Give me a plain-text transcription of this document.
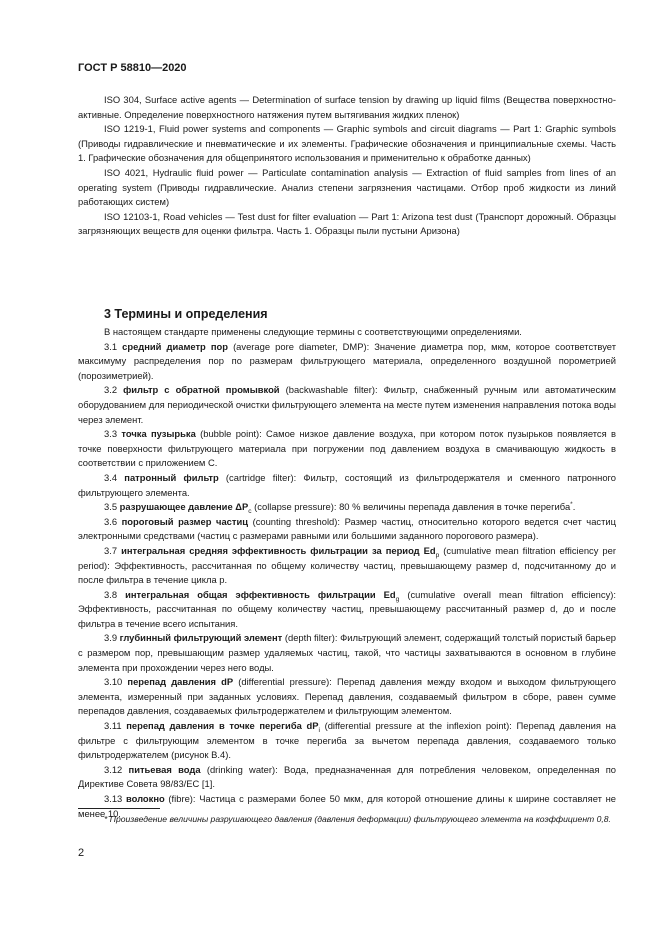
ГОСТ Р 58810—2020

ISO 304, Surface active agents — Determination of surface tension by drawing up liquid films (Вещества поверхностно-активные. Определение поверхностного натяжения путем вытягивания жидких пленок)

ISO 1219-1, Fluid power systems and components — Graphic symbols and circuit diagrams — Part 1: Graphic symbols (Приводы гидравлические и пневматические и их элементы. Графические обозначения и принципиальные схемы. Часть 1. Графические обозначения для общепринятого использования и применительно к обработке данных)

ISO 4021, Hydraulic fluid power — Particulate contamination analysis — Extraction of fluid samples from lines of an operating system (Приводы гидравлические. Анализ степени загрязнения частицами. Отбор проб жидкости из линий работающих систем)

ISO 12103-1, Road vehicles — Test dust for filter evaluation — Part 1: Arizona test dust (Транспорт дорожный. Образцы загрязняющих веществ для оценки фильтра. Часть 1. Образцы пыли пустыни Аризона)

3 Термины и определения

В настоящем стандарте применены следующие термины с соответствующими определениями.

3.1 средний диаметр пор (average pore diameter, DMP): Значение диаметра пор, мкм, которое соответствует максимуму распределения пор по размерам фильтрующего материала, определенного воздушной порометрией (порозиметрией).

3.2 фильтр с обратной промывкой (backwashable filter): Фильтр, снабженный ручным или автоматическим оборудованием для периодической очистки фильтрующего элемента на месте путем изменения направления потока воды через элемент.

3.3 точка пузырька (bubble point): Самое низкое давление воздуха, при котором поток пузырьков появляется в точке поверхности фильтрующего материала при погружении под давлением воздуха в смачивающую жидкость в соответствии с приложением С.

3.4 патронный фильтр (cartridge filter): Фильтр, состоящий из фильтродержателя и сменного патронного фильтрующего элемента.

3.5 разрушающее давление $\Delta P_c$ (collapse pressure): 80 % величины перепада давления в точке перегиба*.

3.6 пороговый размер частиц (counting threshold): Размер частиц, относительно которого ведется счет частиц электронными средствами (частиц с размерами равными или большими заданного порогового размера).

3.7 интегральная средняя эффективность фильтрации за период $Ed_p$ (cumulative mean filtration efficiency per period): Эффективность, рассчитанная по общему количеству частиц, превышающему размер d, подсчитанному до и после фильтра в течение цикла р.

3.8 интегральная общая эффективность фильтрации $Ed_g$ (cumulative overall mean filtration efficiency): Эффективность, рассчитанная по общему количеству частиц, превышающему рассчитанный размер d, до и после фильтра в течение всего испытания.

3.9 глубинный фильтрующий элемент (depth filter): Фильтрующий элемент, содержащий толстый пористый барьер с размером пор, превышающим размер удаляемых частиц, такой, что частицы захватываются в основном в глубине элемента при прохождении через него воды.

3.10 перепад давления dP (differential pressure): Перепад давления между входом и выходом фильтрующего элемента, измеренный при заданных условиях. Перепад давления, создаваемый фильтром в сборе, равен сумме перепадов давления, создаваемых фильтродержателем и фильтрующим элементом.

3.11 перепад давления в точке перегиба $dP_i$ (differential pressure at the inflexion point): Перепад давления на фильтре с фильтрующим элементом в точке перегиба за вычетом перепада давления, создаваемого только фильтродержателем (рисунок В.4).

3.12 питьевая вода (drinking water): Вода, предназначенная для потребления человеком, определенная по Директиве Совета 98/83/ЕС [1].

3.13 волокно (fibre): Частица с размерами более 50 мкм, для которой отношение длины к ширине составляет не менее 10.

* Произведение величины разрушающего давления (давления деформации) фильтрующего элемента на коэффициент 0,8.

2
